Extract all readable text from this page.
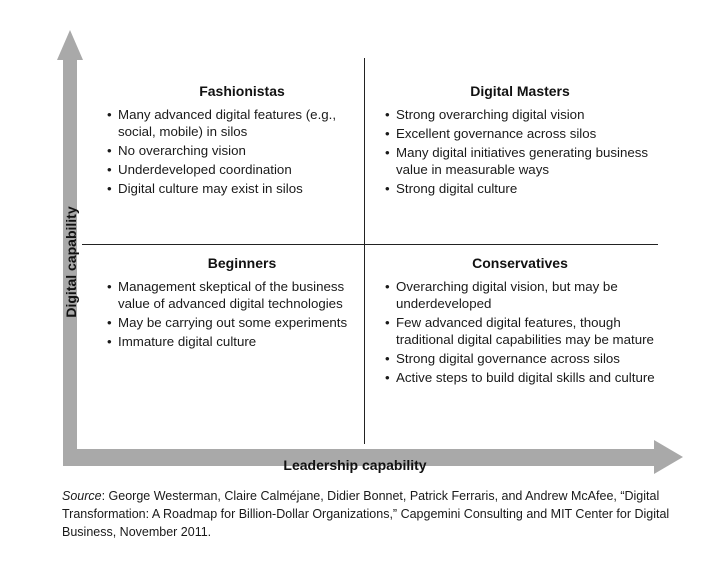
Digital capability
Leadership capability
Fashionistas
• Many advanced digital features (e.g., social, mobile) in silos
• No overarching vision
• Underdeveloped coordination
• Digital culture may exist in silos
Digital Masters
• Strong overarching digital vision
• Excellent governance across silos
• Many digital initiatives generating business value in measurable ways
• Strong digital culture
Beginners
• Management skeptical of the business value of advanced digital technologies
• May be carrying out some experiments
• Immature digital culture
Conservatives
• Overarching digital vision, but may be underdeveloped
• Few advanced digital features, though traditional digital capabilities may be mature
• Strong digital governance across silos
• Active steps to build digital skills and culture
Source: George Westerman, Claire Calméjane, Didier Bonnet, Patrick Ferraris, and Andrew McAfee, “Digital Transformation: A Roadmap for Billion-Dollar Organizations,” Capgemini Consulting and MIT Center for Digital Business, November 2011.
